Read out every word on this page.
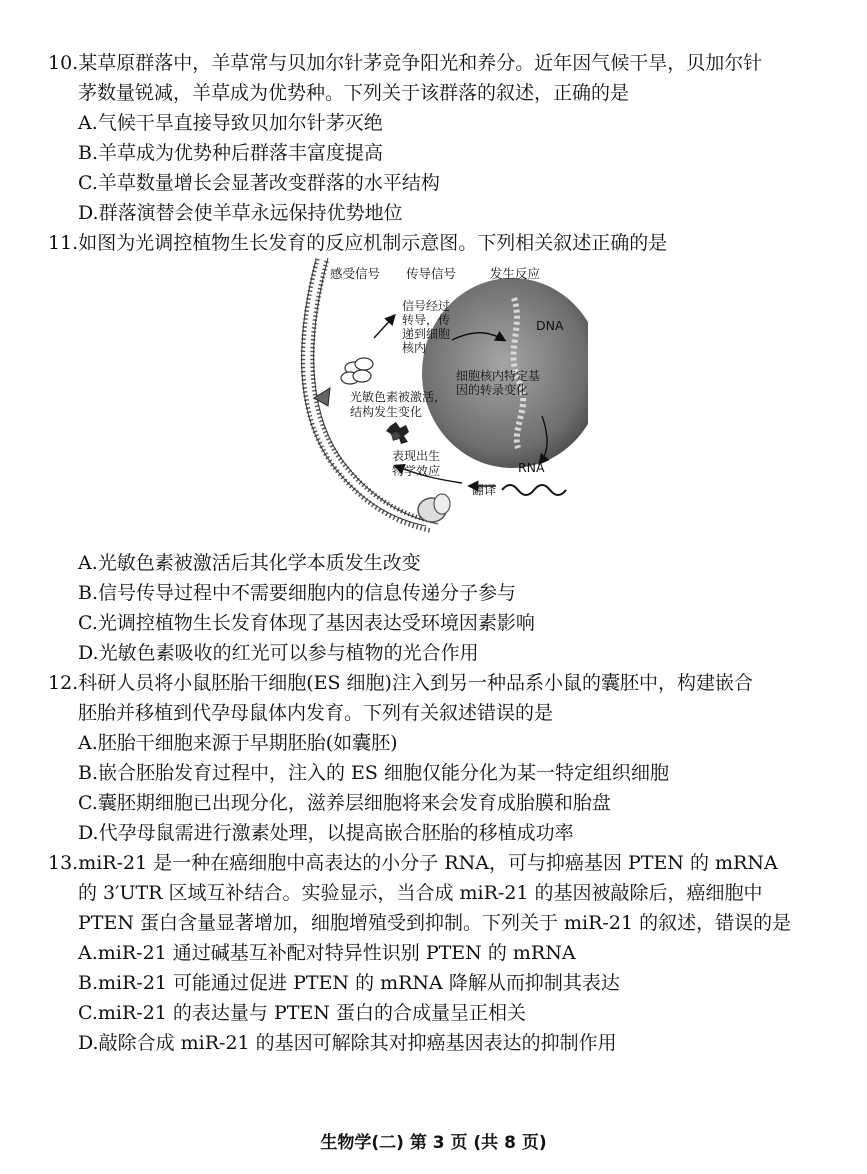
10.某草原群落中，羊草常与贝加尔针茅竞争阳光和养分。近年因气候干旱，贝加尔针
茅数量锐减，羊草成为优势种。下列关于该群落的叙述，正确的是
A.气候干旱直接导致贝加尔针茅灭绝
B.羊草成为优势种后群落丰富度提高
C.羊草数量增长会显著改变群落的水平结构
D.群落演替会使羊草永远保持优势地位
11.如图为光调控植物生长发育的反应机制示意图。下列相关叙述正确的是
感受信号 传导信号	发生反应
信号经过
转导，传
递到细胞
核内
DNA
细胞核内特定基
因的转录变化
光敏色素被激活，
结构发生变化
表现出生
物学效应	RNA
翻译
A.光敏色素被激活后其化学本质发生改变
B.信号传导过程中不需要细胞内的信息传递分子参与
C.光调控植物生长发育体现了基因表达受环境因素影响
D.光敏色素吸收的红光可以参与植物的光合作用
12.科研人员将小鼠胚胎干细胞(ES 细胞)注入到另一种品系小鼠的囊胚中，构建嵌合
胚胎并移植到代孕母鼠体内发育。下列有关叙述错误的是
A.胚胎干细胞来源于早期胚胎(如囊胚)
B.嵌合胚胎发育过程中，注入的 ES 细胞仅能分化为某一特定组织细胞
C.囊胚期细胞已出现分化，滋养层细胞将来会发育成胎膜和胎盘
D.代孕母鼠需进行激素处理，以提高嵌合胚胎的移植成功率
13.miR-21 是一种在癌细胞中高表达的小分子 RNA，可与抑癌基因 PTEN 的 mRNA
的 3′UTR 区域互补结合。实验显示，当合成 miR-21 的基因被敲除后，癌细胞中
PTEN 蛋白含量显著增加，细胞增殖受到抑制。下列关于 miR-21 的叙述，错误的是
A.miR-21 通过碱基互补配对特异性识别 PTEN 的 mRNA
B.miR-21 可能通过促进 PTEN 的 mRNA 降解从而抑制其表达
C.miR-21 的表达量与 PTEN 蛋白的合成量呈正相关
D.敲除合成 miR-21 的基因可解除其对抑癌基因表达的抑制作用
生物学(二) 第 3 页 (共 8 页)
